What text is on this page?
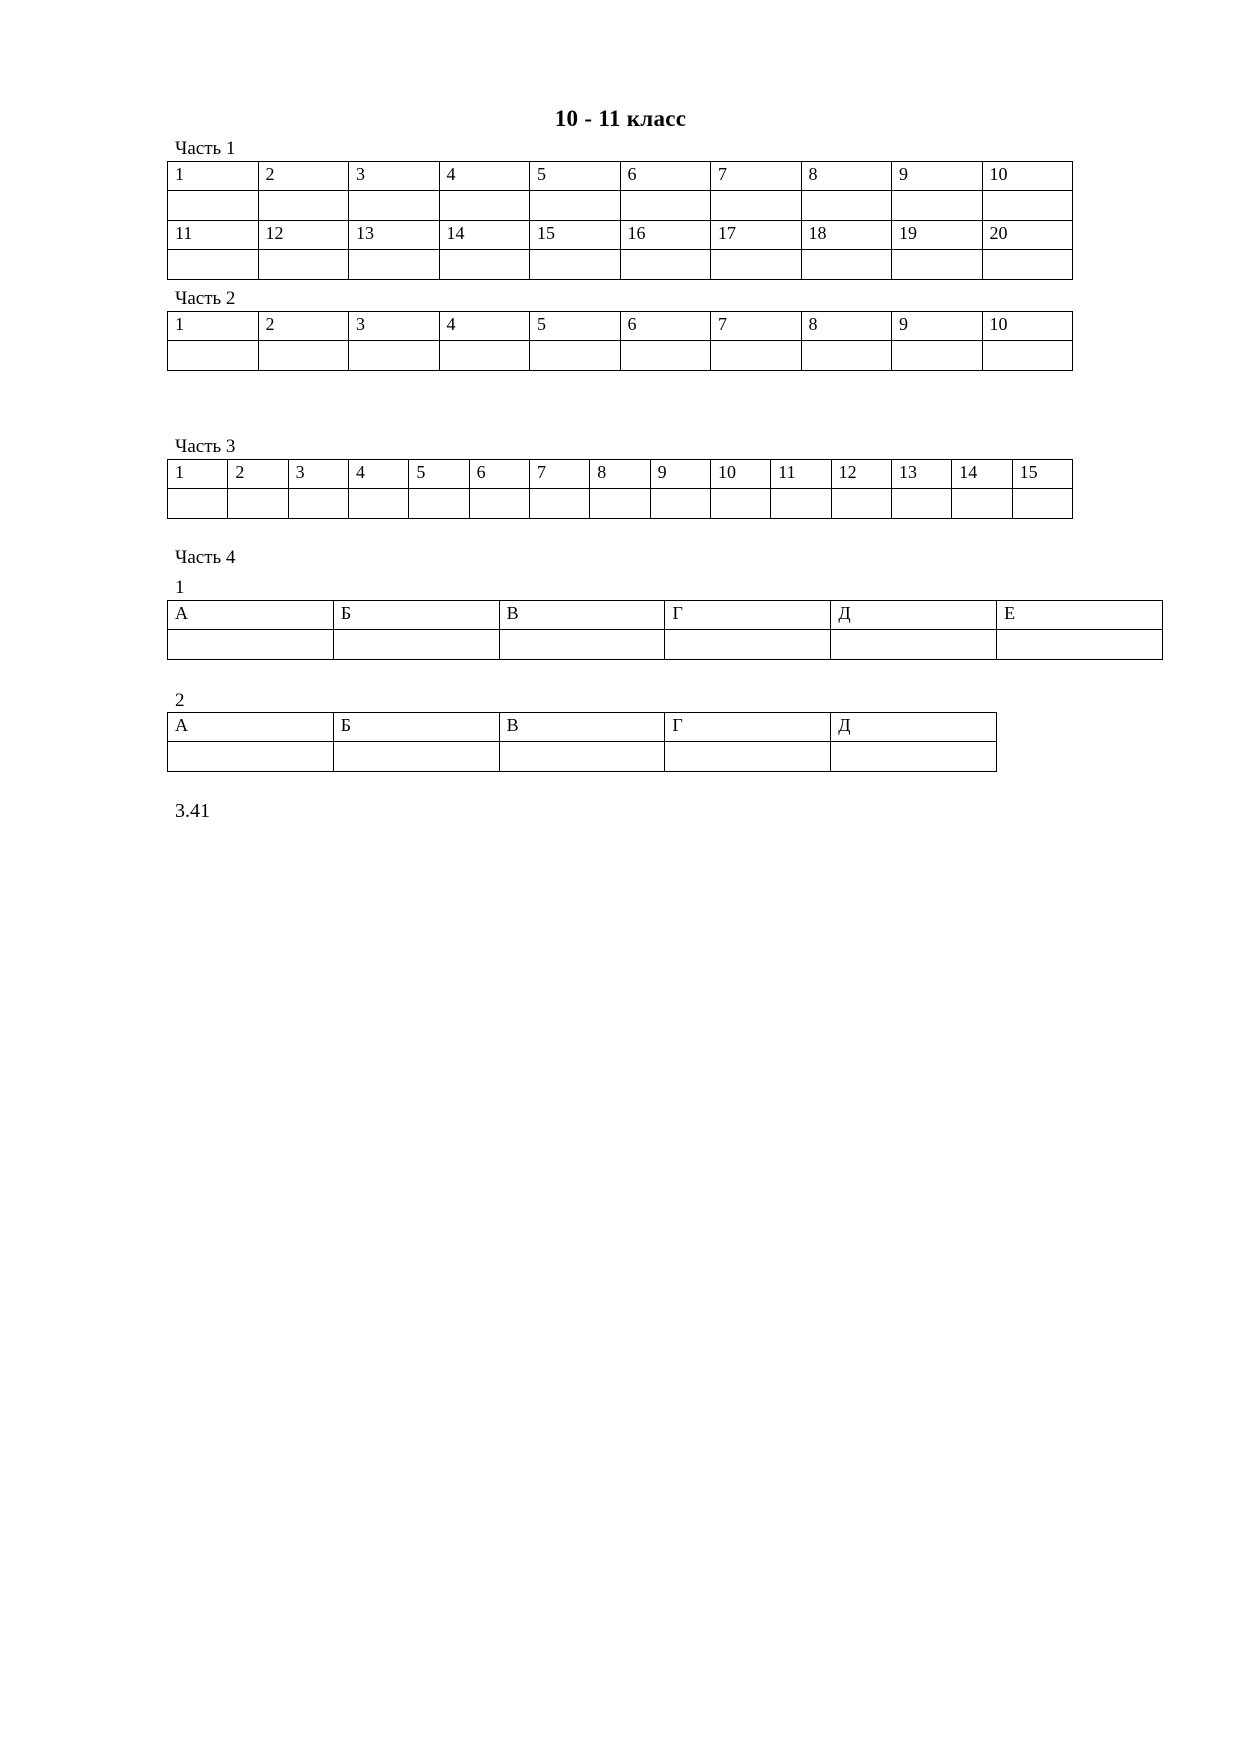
10 - 11 класс
Часть 1
1	2	3	4	5	6	7	8	9	10

11	12	13	14	15	16	17	18	19	20

Часть 2
1	2	3	4	5	6	7	8	9	10

Часть 3
1	2	3	4	5	6	7	8	9	10	11	12	13	14	15

Часть 4
1
А	Б	В	Г	Д	Е

2
А	Б	В	Г	Д

3.41
